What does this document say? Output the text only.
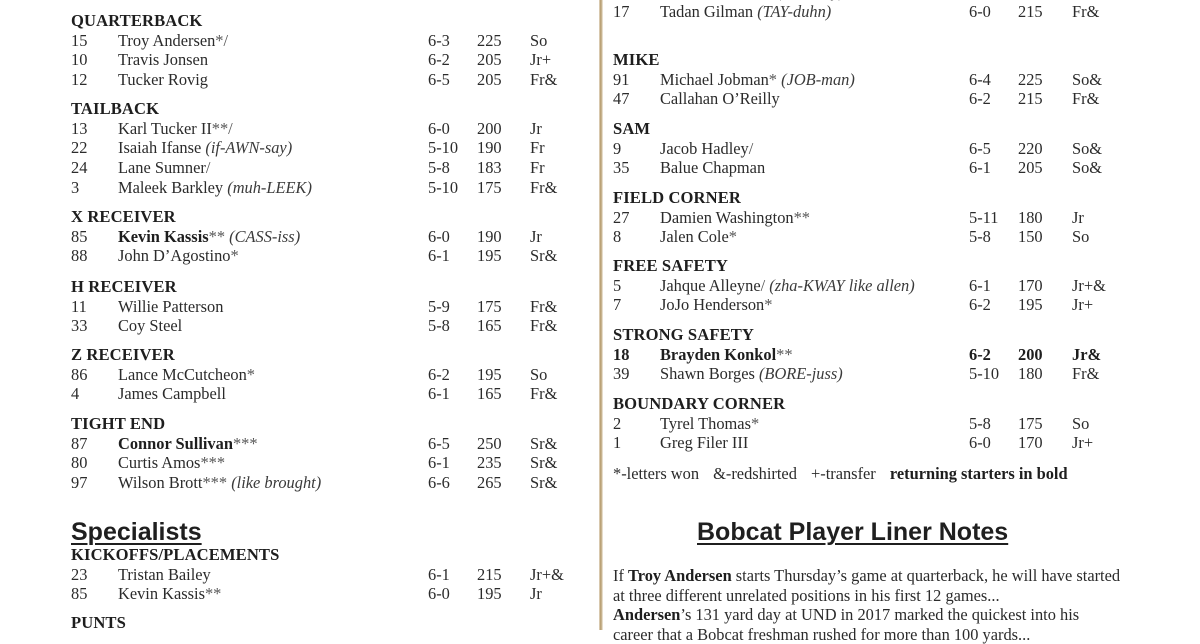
QUARTERBACK
15 Troy Andersen*/	6-3 225 So
10 Travis Jonsen	6-2 205 Jr+
12 Tucker Rovig	6-5 205 Fr&
TAILBACK
13 Karl Tucker II**/	6-0 200 Jr
22 Isaiah Ifanse (if-AWN-say)	5-10 190 Fr
24 Lane Sumner/	5-8 183 Fr
3 Maleek Barkley (muh-LEEK)	5-10 175 Fr&
X RECEIVER
85 Kevin Kassis** (CASS-iss)	6-0 190 Jr
88 John D’Agostino*	6-1 195 Sr&
H RECEIVER
11 Willie Patterson	5-9 175 Fr&
33 Coy Steel	5-8 165 Fr&
Z RECEIVER
86 Lance McCutcheon*	6-2 195 So
4 James Campbell	6-1 165 Fr&
TIGHT END
87 Connor Sullivan***	6-5 250 Sr&
80 Curtis Amos***	6-1 235 Sr&
97 Wilson Brott*** (like brought)	6-6 265 Sr&
Specialists
KICKOFFS/PLACEMENTS
23 Tristan Bailey	6-1 215 Jr+&
85 Kevin Kassis**	6-0 195 Jr
PUNTS
*-letters won &-redshirted +-transfer returning starters in bold
Bobcat Player Liner Notes
If Troy Andersen starts Thursday’s game at quarterback, he will have started at three different unrelated positions in his first 12 games...
Andersen’s 131 yard day at UND in 2017 marked the quickest into his career that a Bobcat freshman rushed for more than 100 yards...
17 Tadan Gilman (TAY-duhn)	6-0 215 Fr&
MIKE
91 Michael Jobman* (JOB-man)	6-4 225 So&
47 Callahan O’Reilly	6-2 215 Fr&
SAM
9 Jacob Hadley/	6-5 220 So&
35 Balue Chapman	6-1 205 So&
FIELD CORNER
27 Damien Washington**	5-11 180 Jr
8 Jalen Cole*	5-8 150 So
FREE SAFETY
5 Jahque Alleyne/ (zha-KWAY like allen)	6-1 170 Jr+&
7 JoJo Henderson*	6-2 195 Jr+
STRONG SAFETY
18 Brayden Konkol**	6-2 200 Jr&
39 Shawn Borges (BORE-juss)	5-10 180 Fr&
BOUNDARY CORNER
2 Tyrel Thomas*	5-8 175 So
1 Greg Filer III	6-0 170 Jr+
